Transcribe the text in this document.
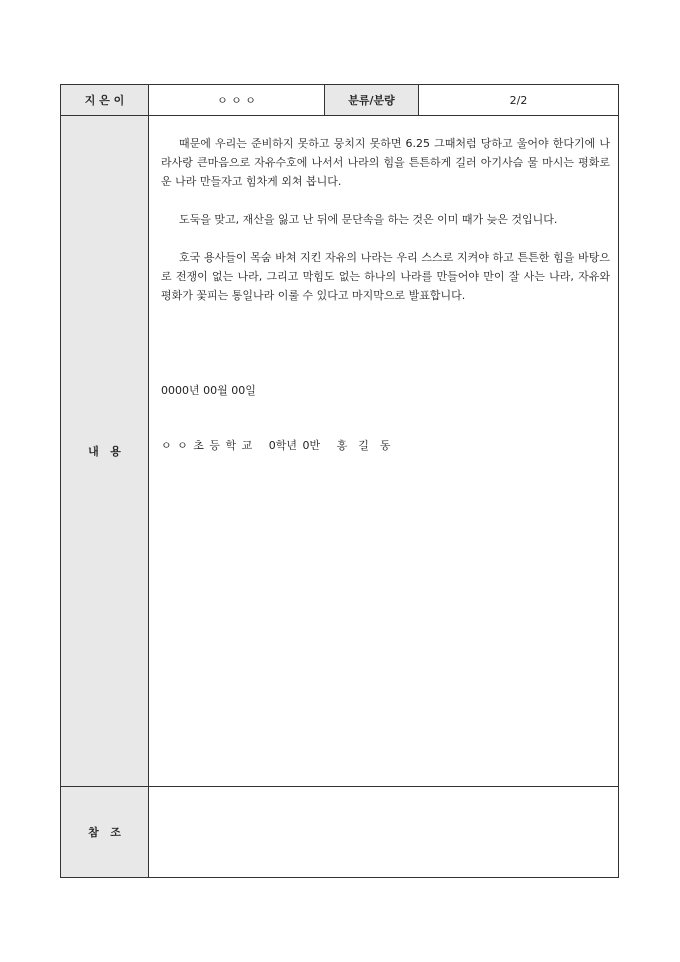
지 은 이	ㅇ ㅇ ㅇ	분류/분량	2/2
내   용	때문에 우리는 준비하지 못하고 뭉치지 못하면 6.25 그때처럼 당하고 울어야 한다기에 나라사랑 큰마음으로 자유수호에 나서서 나라의 힘을 튼튼하게 길러 아기사슴 물 마시는 평화로운 나라 만들자고 힘차게 외쳐 봅니다.

도둑을 맞고, 재산을 잃고 난 뒤에 문단속을 하는 것은 이미 때가 늦은 것입니다.

호국 용사들이 목숨 바쳐 지킨 자유의 나라는 우리 스스로 지켜야 하고 튼튼한 힘을 바탕으로 전쟁이 없는 나라, 그리고 막힘도 없는 하나의 나라를 만들어야 만이 잘 사는 나라, 자유와 평화가 꽃피는 통일나라 이룰 수 있다고 마지막으로 발표합니다.

0000년 00월 00일
ㅇ ㅇ 초 등 학 교   0학년 0반   홍  길  동		

참   조			
